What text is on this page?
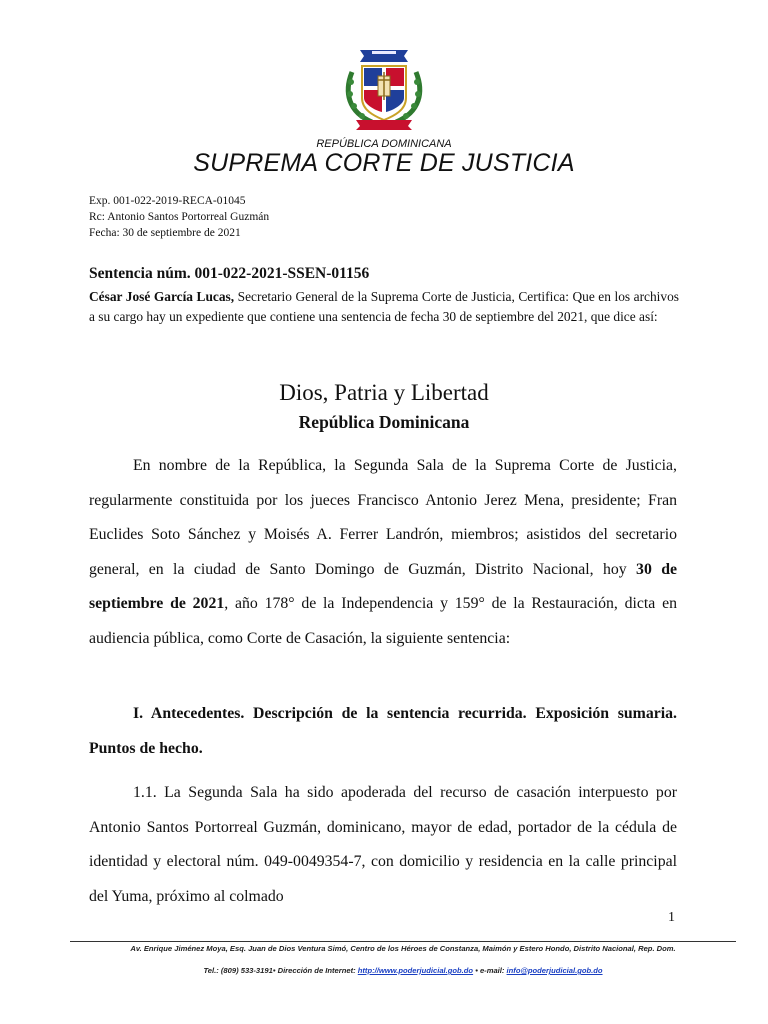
REPÚBLICA DOMINICANA
SUPREMA CORTE DE JUSTICIA
Exp. 001-022-2019-RECA-01045
Rc: Antonio Santos Portorreal Guzmán
Fecha: 30 de septiembre de 2021
Sentencia núm. 001-022-2021-SSEN-01156
César José García Lucas, Secretario General de la Suprema Corte de Justicia, Certifica: Que en los archivos a su cargo hay un expediente que contiene una sentencia de fecha 30 de septiembre del 2021, que dice así:
Dios, Patria y Libertad
República Dominicana

En nombre de la República, la Segunda Sala de la Suprema Corte de Justicia, regularmente constituida por los jueces Francisco Antonio Jerez Mena, presidente; Fran Euclides Soto Sánchez y Moisés A. Ferrer Landrón, miembros; asistidos del secretario general, en la ciudad de Santo Domingo de Guzmán, Distrito Nacional, hoy 30 de septiembre de 2021, año 178° de la Independencia y 159° de la Restauración, dicta en audiencia pública, como Corte de Casación, la siguiente sentencia:

I. Antecedentes. Descripción de la sentencia recurrida. Exposición sumaria. Puntos de hecho.

1.1. La Segunda Sala ha sido apoderada del recurso de casación interpuesto por Antonio Santos Portorreal Guzmán, dominicano, mayor de edad, portador de la cédula de identidad y electoral núm. 049-0049354-7, con domicilio y residencia en la calle principal del Yuma, próximo al colmado

1
Av. Enrique Jiménez Moya, Esq. Juan de Dios Ventura Simó, Centro de los Héroes de Constanza, Maimón y Estero Hondo, Distrito Nacional, Rep. Dom.
Tel.: (809) 533-3191• Dirección de Internet: http://www.poderjudicial.gob.do • e-mail: info@poderjudicial.gob.do
